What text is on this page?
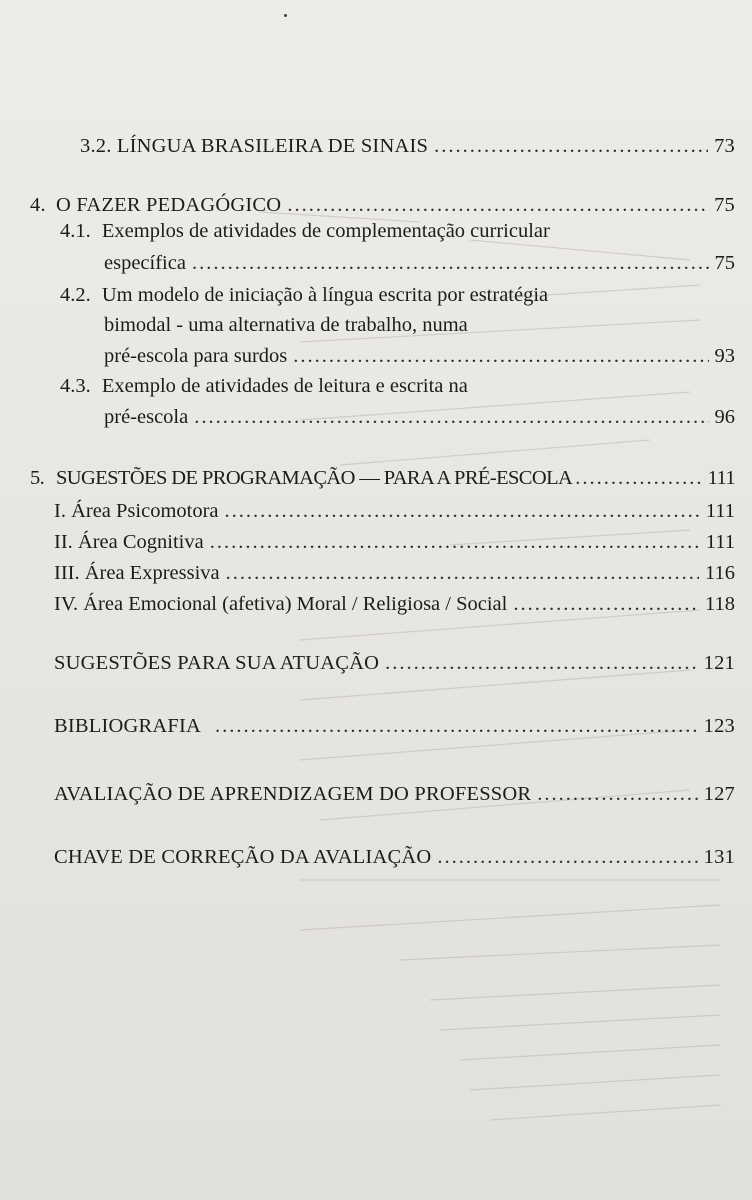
3.2. LÍNGUA BRASILEIRA DE SINAIS .....	73
4. O FAZER PEDAGÓGICO .....	75
4.1. Exemplos de atividades de complementação curricular
específica .....	75
4.2. Um modelo de iniciação à língua escrita por estratégia
bimodal - uma alternativa de trabalho, numa
pré-escola para surdos .....	93
4.3. Exemplo de atividades de leitura e escrita na
pré-escola .....	96
5. SUGESTÕES DE PROGRAMAÇÃO — PARA A PRÉ-ESCOLA .....	111
I. Área Psicomotora .....	111
II. Área Cognitiva .....	111
III. Área Expressiva .....	116
IV. Área Emocional (afetiva) Moral / Religiosa / Social .....	118
SUGESTÕES PARA SUA ATUAÇÃO .....	121
BIBLIOGRAFIA .....	123
AVALIAÇÃO DE APRENDIZAGEM DO PROFESSOR .....	127
CHAVE DE CORREÇÃO DA AVALIAÇÃO .....	131
